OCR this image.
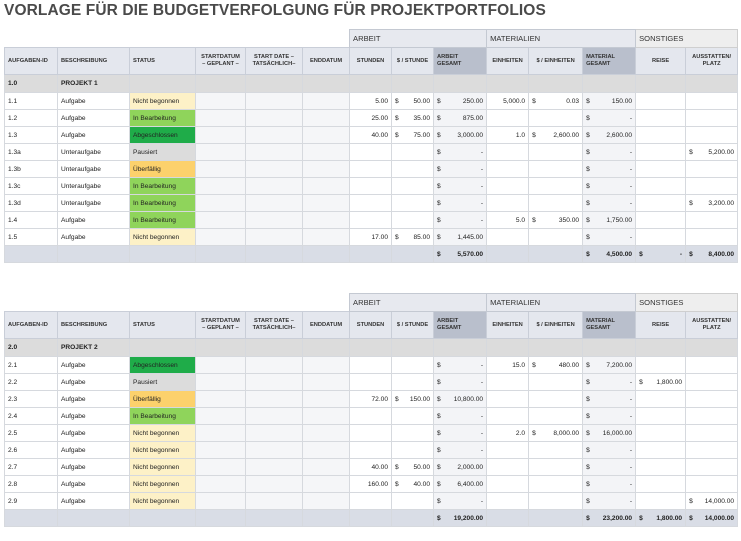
VORLAGE FÜR DIE BUDGETVERFOLGUNG FÜR PROJEKTPORTFOLIOS
						ARBEIT			MATERIALIEN			SONSTIGES	
AUFGABEN-ID	BESCHREIBUNG	STATUS	STARTDATUM – GEPLANT –	START DATE – TATSÄCHLICH–	ENDDATUM	STUNDEN	$ / STUNDE	ARBEIT GESAMT	EINHEITEN	$ / EINHEITEN	MATERIAL GESAMT	REISE	AUSSTATTEN/ PLATZ
1.0	PROJEKT 1												
1.1	Aufgabe	Nicht begonnen				5.00	$ 50.00	$ 250.00	5,000.0	$ 0.03	$ 150.00		

1.2	Aufgabe	In Bearbeitung				25.00	$ 35.00	$ 875.00			$ -		

1.3	Aufgabe	Abgeschlossen				40.00	$ 75.00	$ 3,000.00	1.0	$ 2,600.00	$ 2,600.00		

1.3a	Unteraufgabe	Pausiert						$ -			$ -		$ 5,200.00

1.3b	Unteraufgabe	Überfällig						$ -			$ -		

1.3c	Unteraufgabe	In Bearbeitung						$ -			$ -		

1.3d	Unteraufgabe	In Bearbeitung						$ -			$ -		$ 3,200.00

1.4	Aufgabe	In Bearbeitung						$ -	5.0	$ 350.00	$ 1,750.00		

1.5	Aufgabe	Nicht begonnen				17.00	$ 85.00	$ 1,445.00			$ -		

								$ 5,570.00			$ 4,500.00	$ -	$ 8,400.00
						ARBEIT			MATERIALIEN			SONSTIGES	
AUFGABEN-ID	BESCHREIBUNG	STATUS	STARTDATUM – GEPLANT –	START DATE – TATSÄCHLICH–	ENDDATUM	STUNDEN	$ / STUNDE	ARBEIT GESAMT	EINHEITEN	$ / EINHEITEN	MATERIAL GESAMT	REISE	AUSSTATTEN/ PLATZ
2.0	PROJEKT 2												
2.1	Aufgabe	Abgeschlossen						$ -	15.0	$ 480.00	$ 7,200.00		

2.2	Aufgabe	Pausiert						$ -			$ -	$ 1,800.00	

2.3	Aufgabe	Überfällig				72.00	$ 150.00	$ 10,800.00			$ -		

2.4	Aufgabe	In Bearbeitung						$ -			$ -		

2.5	Aufgabe	Nicht begonnen						$ -	2.0	$ 8,000.00	$ 16,000.00		

2.6	Aufgabe	Nicht begonnen						$ -			$ -		

2.7	Aufgabe	Nicht begonnen				40.00	$ 50.00	$ 2,000.00			$ -		

2.8	Aufgabe	Nicht begonnen				160.00	$ 40.00	$ 6,400.00			$ -		

2.9	Aufgabe	Nicht begonnen						$ -			$ -		$ 14,000.00

								$ 19,200.00			$ 23,200.00	$ 1,800.00	$ 14,000.00
